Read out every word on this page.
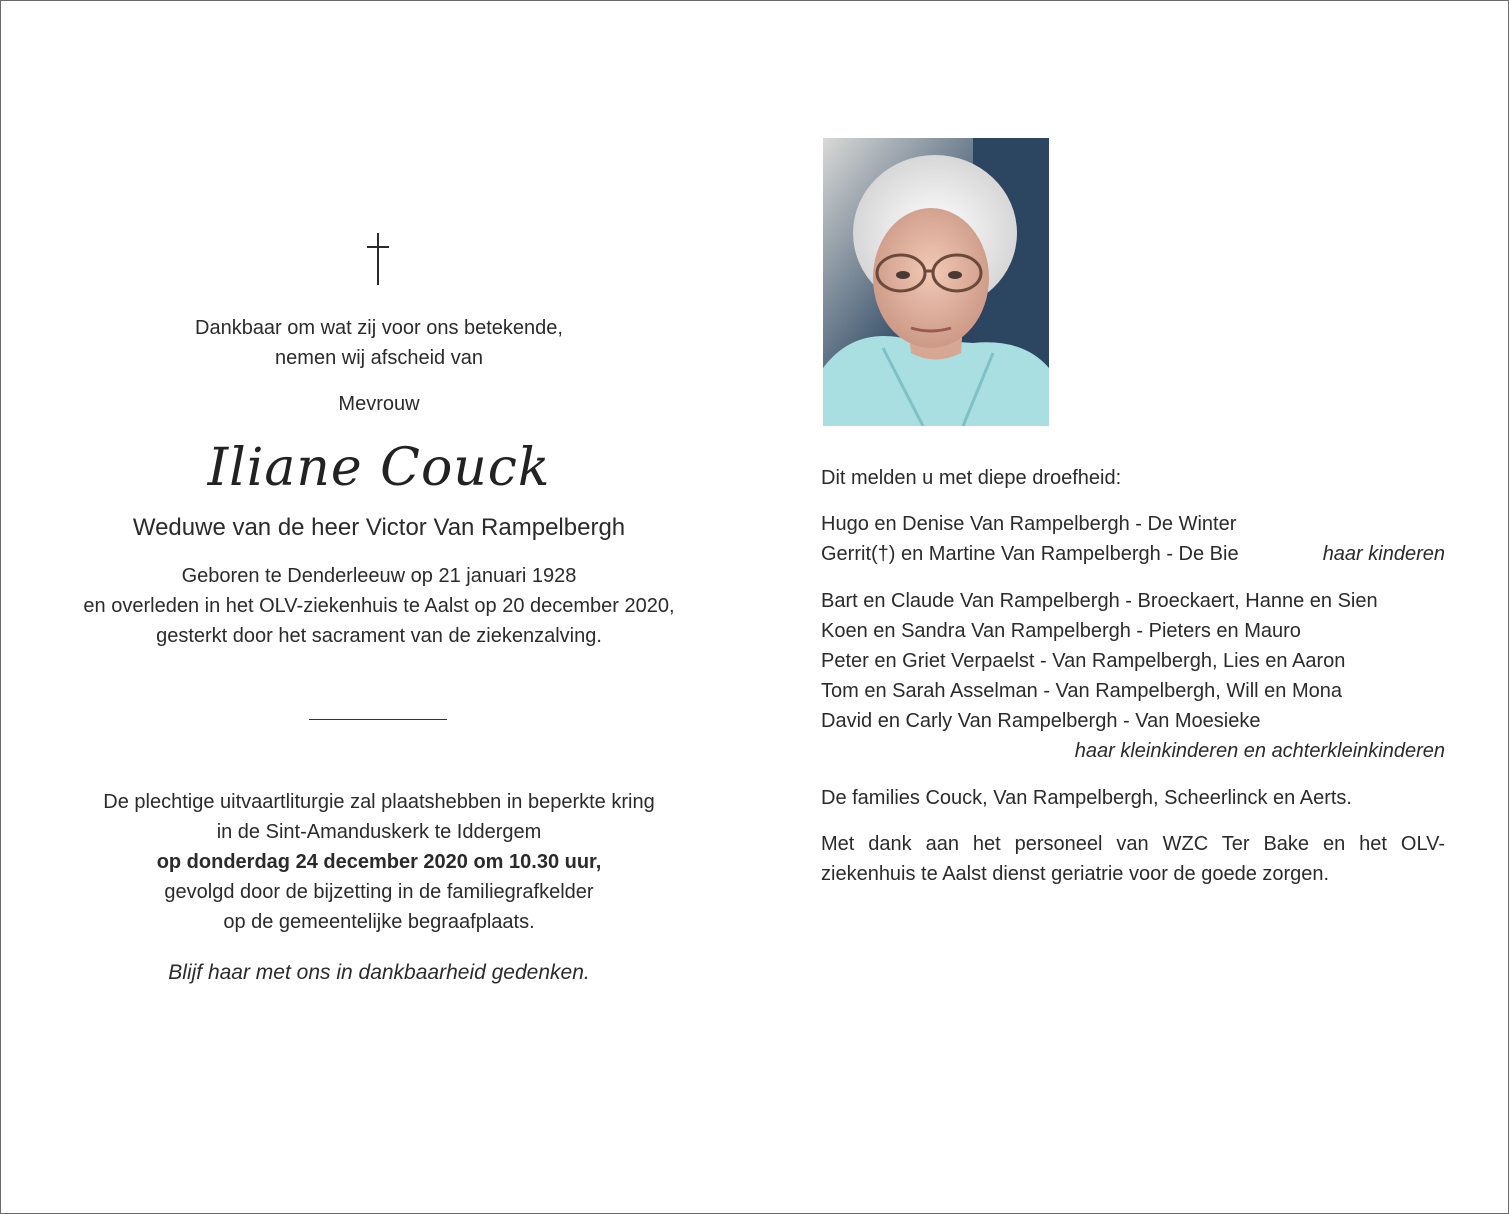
Dankbaar om wat zij voor ons betekende,
nemen wij afscheid van
Mevrouw
Iliane Couck
Weduwe van de heer Victor Van Rampelbergh
Geboren te Denderleeuw op 21 januari 1928
en overleden in het OLV-ziekenhuis te Aalst op 20 december 2020,
gesterkt door het sacrament van de ziekenzalving.
De plechtige uitvaartliturgie zal plaatshebben in beperkte kring
in de Sint-Amanduskerk te Iddergem
op donderdag 24 december 2020 om 10.30 uur,
gevolgd door de bijzetting in de familiegrafkelder
op de gemeentelijke begraafplaats.
Blijf haar met ons in dankbaarheid gedenken.
Dit melden u met diepe droefheid:
Hugo en Denise Van Rampelbergh - De Winter
Gerrit(†) en Martine Van Rampelbergh - De Bie	haar kinderen
Bart en Claude Van Rampelbergh - Broeckaert, Hanne en Sien
Koen en Sandra Van Rampelbergh - Pieters en Mauro
Peter en Griet Verpaelst - Van Rampelbergh, Lies en Aaron
Tom en Sarah Asselman - Van Rampelbergh, Will en Mona
David en Carly Van Rampelbergh - Van Moesieke
haar kleinkinderen en achterkleinkinderen
De families Couck, Van Rampelbergh, Scheerlinck en Aerts.
Met dank aan het personeel van WZC Ter Bake en het OLV-ziekenhuis te Aalst dienst geriatrie voor de goede zorgen.
